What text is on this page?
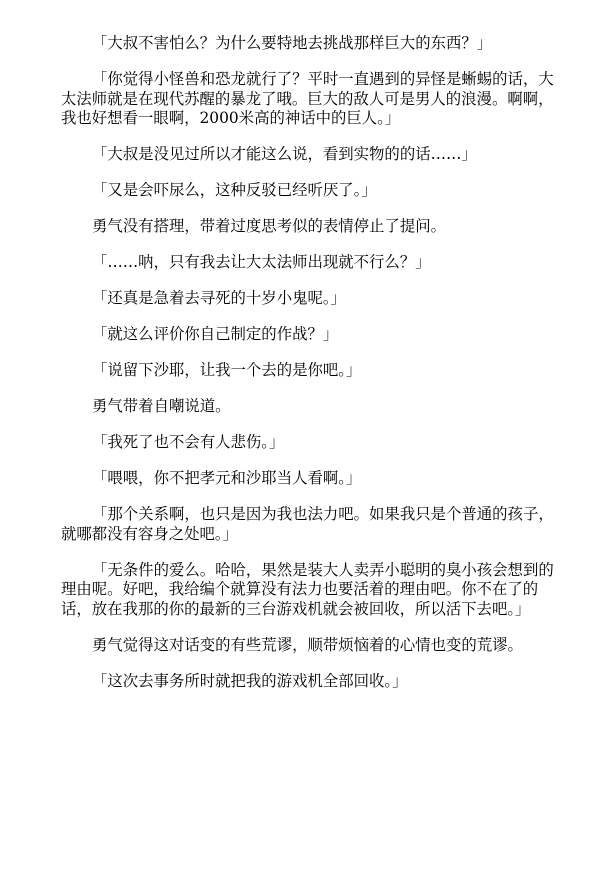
「大叔不害怕么？为什么要特地去挑战那样巨大的东西？」

「你觉得小怪兽和恐龙就行了？平时一直遇到的异怪是蜥蜴的话，大太法师就是在现代苏醒的暴龙了哦。巨大的敌人可是男人的浪漫。啊啊，我也好想看一眼啊，2000米高的神话中的巨人。」

「大叔是没见过所以才能这么说，看到实物的的话……」

「又是会吓尿么，这种反驳已经听厌了。」

勇气没有搭理，带着过度思考似的表情停止了提问。

「……呐，只有我去让大太法师出现就不行么？」

「还真是急着去寻死的十岁小鬼呢。」

「就这么评价你自己制定的作战？」

「说留下沙耶，让我一个去的是你吧。」

勇气带着自嘲说道。

「我死了也不会有人悲伤。」

「喂喂，你不把孝元和沙耶当人看啊。」

「那个关系啊，也只是因为我也法力吧。如果我只是个普通的孩子，就哪都没有容身之处吧。」

「无条件的爱么。哈哈，果然是装大人卖弄小聪明的臭小孩会想到的理由呢。好吧，我给编个就算没有法力也要活着的理由吧。你不在了的话，放在我那的你的最新的三台游戏机就会被回收，所以活下去吧。」

勇气觉得这对话变的有些荒谬，顺带烦恼着的心情也变的荒谬。

「这次去事务所时就把我的游戏机全部回收。」
